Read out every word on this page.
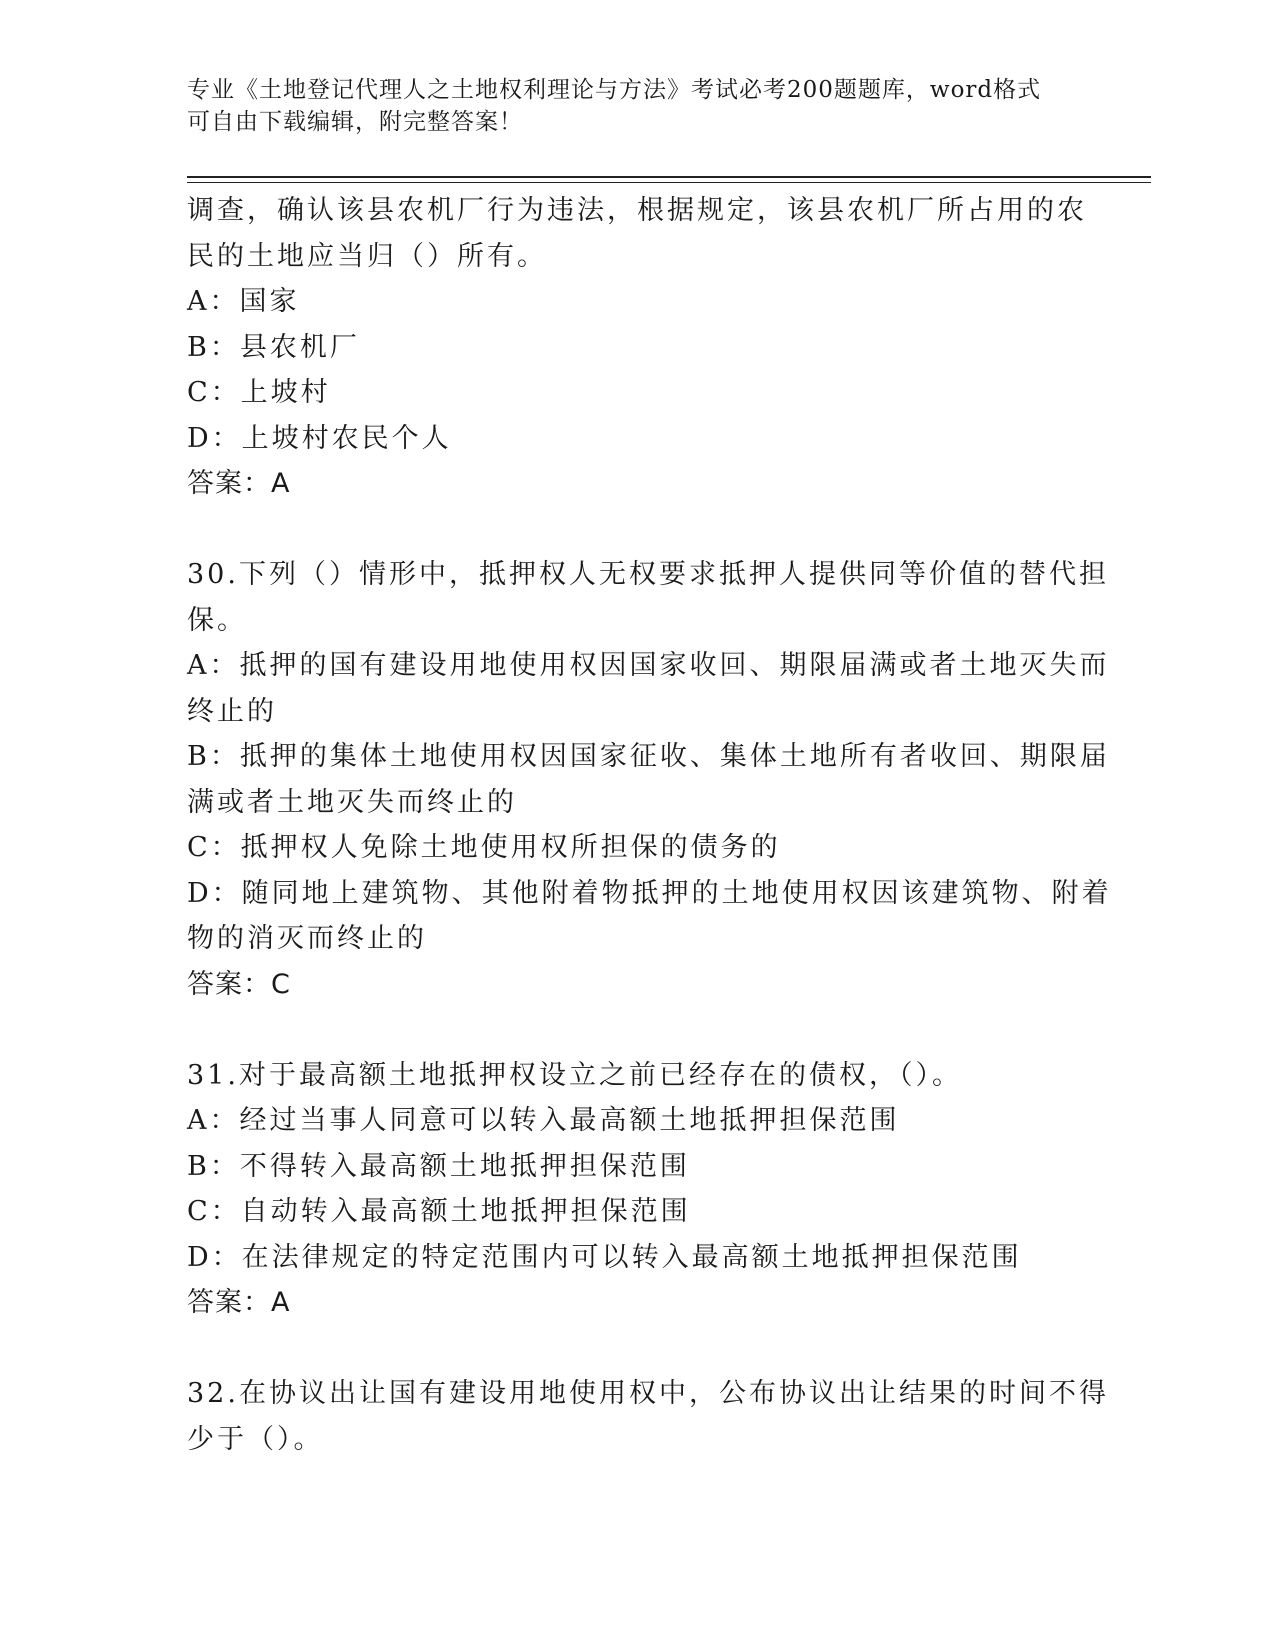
专业《土地登记代理人之土地权利理论与方法》考试必考200题题库，word格式
可自由下载编辑，附完整答案！
调查，确认该县农机厂行为违法，根据规定，该县农机厂所占用的农
民的土地应当归（）所有。
A：国家
B：县农机厂
C：上坡村
D：上坡村农民个人
答案：A
30.下列（）情形中，抵押权人无权要求抵押人提供同等价值的替代担
保。
A：抵押的国有建设用地使用权因国家收回、期限届满或者土地灭失而
终止的
B：抵押的集体土地使用权因国家征收、集体土地所有者收回、期限届
满或者土地灭失而终止的
C：抵押权人免除土地使用权所担保的债务的
D：随同地上建筑物、其他附着物抵押的土地使用权因该建筑物、附着
物的消灭而终止的
答案：C
31.对于最高额土地抵押权设立之前已经存在的债权，（）。
A：经过当事人同意可以转入最高额土地抵押担保范围
B：不得转入最高额土地抵押担保范围
C：自动转入最高额土地抵押担保范围
D：在法律规定的特定范围内可以转入最高额土地抵押担保范围
答案：A
32.在协议出让国有建设用地使用权中，公布协议出让结果的时间不得
少于（）。
